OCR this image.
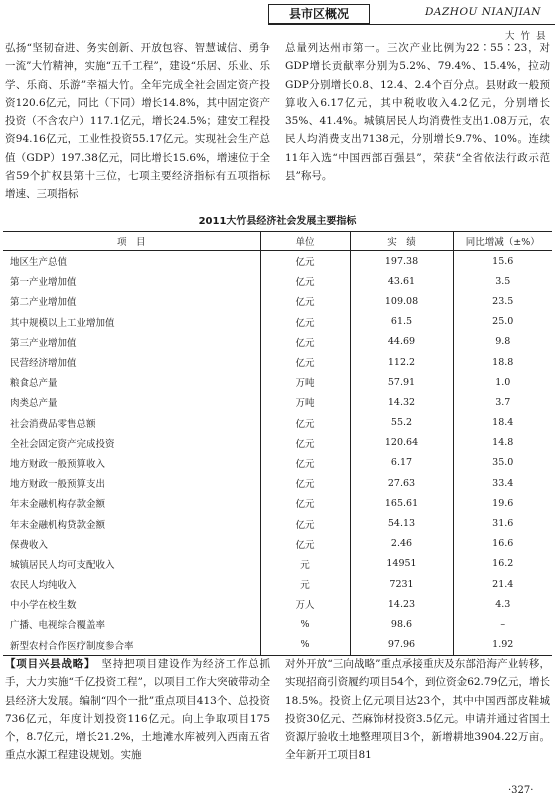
县市区概况	DAZHOU NIANJIAN
大竹县

弘扬“坚韧奋进、务实创新、开放包容、智慧诚信、勇争一流”大竹精神，实施“五千工程”，建设“乐居、乐业、乐学、乐商、乐游”幸福大竹。全年完成全社会固定资产投资120.6亿元，同比（下同）增长14.8%，其中固定资产投资（不含农户）117.1亿元，增长24.5%；建安工程投资94.16亿元，工业性投资55.17亿元。实现社会生产总值（GDP）197.38亿元，同比增长15.6%，增速位于全省59个扩权县第十三位，七项主要经济指标有五项指标增速、三项指标

总量列达州市第一。三次产业比例为22∶55∶23，对GDP增长贡献率分别为5.2%、79.4%、15.4%，拉动GDP分别增长0.8、12.4、2.4个百分点。县财政一般预算收入6.17亿元，其中税收收入4.2亿元，分别增长35%、41.4%。城镇居民人均消费性支出1.08万元，农民人均消费支出7138元，分别增长9.7%、10%。连续11年入选“中国西部百强县”，荣获“全省依法行政示范县”称号。

2011大竹县经济社会发展主要指标
项　目	单位	实　绩	同比增减（±%）
地区生产总值	亿元	197.38	15.6
第一产业增加值	亿元	43.61	3.5
第二产业增加值	亿元	109.08	23.5
其中规模以上工业增加值	亿元	61.5	25.0
第三产业增加值	亿元	44.69	9.8
民营经济增加值	亿元	112.2	18.8
粮食总产量	万吨	57.91	1.0
肉类总产量	万吨	14.32	3.7
社会消费品零售总额	亿元	55.2	18.4
全社会固定资产完成投资	亿元	120.64	14.8
地方财政一般预算收入	亿元	6.17	35.0
地方财政一般预算支出	亿元	27.63	33.4
年末金融机构存款金额	亿元	165.61	19.6
年末金融机构贷款金额	亿元	54.13	31.6
保费收入	亿元	2.46	16.6
城镇居民人均可支配收入	元	14951	16.2
农民人均纯收入	元	7231	21.4
中小学在校生数	万人	14.23	4.3
广播、电视综合覆盖率	%	98.6	–
新型农村合作医疗制度参合率	%	97.96	1.92

【项目兴县战略】　 坚持把项目建设作为经济工作总抓手，大力实施“千亿投资工程”，以项目工作大突破带动全县经济大发展。编制“四个一批”重点项目413个、总投资736亿元，年度计划投资116亿元。向上争取项目175个，8.7亿元，增长21.2%，土地滩水库被列入西南五省重点水源工程建设规划。实施

对外开放“三向战略”重点承接重庆及东部沿海产业转移，实现招商引资履约项目54个，到位资金62.79亿元，增长18.5%。投资上亿元项目达23个，其中中国西部皮鞋城投资30亿元、苎麻饰材投资3.5亿元。申请并通过省国土资源厅验收土地整理项目3个，新增耕地3904.22万亩。全年新开工项目81

·327·
